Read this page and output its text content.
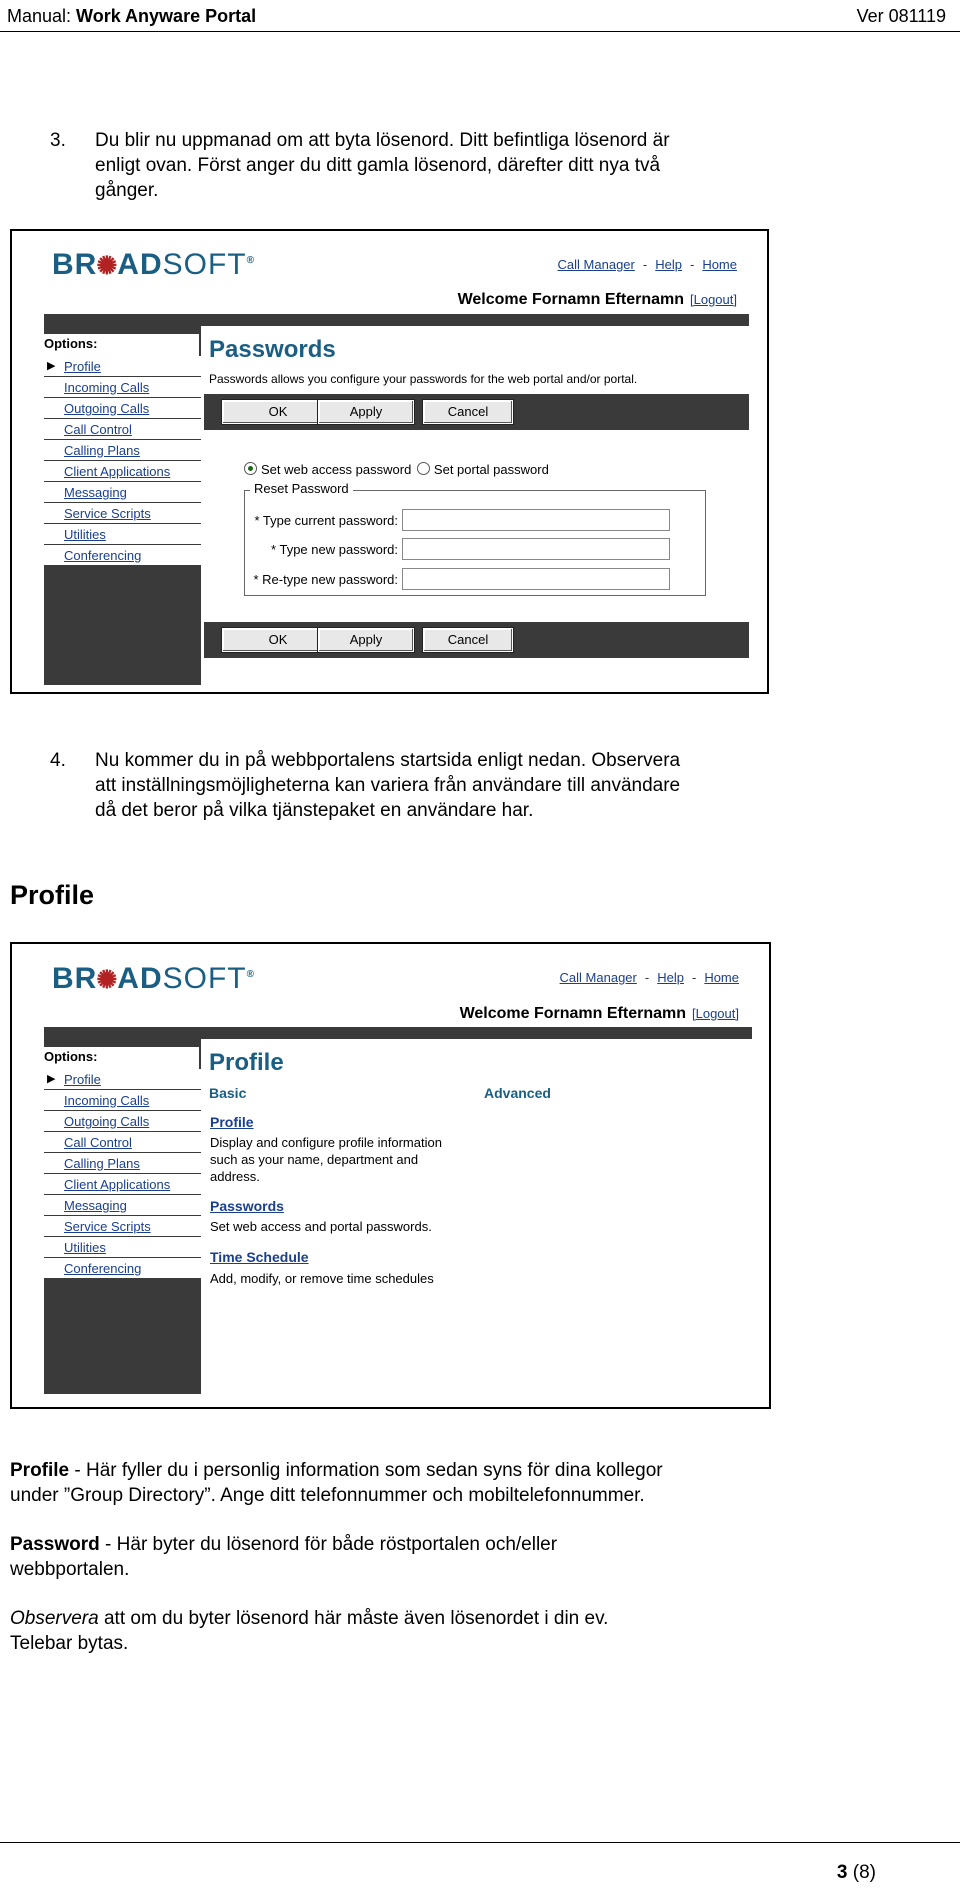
Manual: Work Anyware Portal	Ver 081119
3. Du blir nu uppmanad om att byta lösenord. Ditt befintliga lösenord är
enligt ovan. Först anger du ditt gamla lösenord, därefter ditt nya två
gånger.
BR✺ADSOFT®	Call Manager - Help - Home
Welcome Fornamn Efternamn [Logout]
Options:
▶ Profile
Incoming Calls
Outgoing Calls
Call Control
Calling Plans
Client Applications
Messaging
Service Scripts
Utilities
Conferencing
Passwords
Passwords allows you configure your passwords for the web portal and/or portal.
OK	Apply	Cancel
Set web access password Set portal password
Reset Password
* Type current password:
* Type new password:
* Re-type new password:
OK	Apply	Cancel
4. Nu kommer du in på webbportalens startsida enligt nedan. Observera
att inställningsmöjligheterna kan variera från användare till användare
då det beror på vilka tjänstepaket en användare har.
Profile
BR✺ADSOFT®	Call Manager - Help - Home
Welcome Fornamn Efternamn [Logout]
Options:
▶ Profile
Incoming Calls
Outgoing Calls
Call Control
Calling Plans
Client Applications
Messaging
Service Scripts
Utilities
Conferencing
Profile
Basic	Advanced
Profile
Display and configure profile information
such as your name, department and
address.
Passwords
Set web access and portal passwords.
Time Schedule
Add, modify, or remove time schedules
Profile - Här fyller du i personlig information som sedan syns för dina kollegor
under ”Group Directory”. Ange ditt telefonnummer och mobiltelefonnummer.
Password - Här byter du lösenord för både röstportalen och/eller
webbportalen.
Observera att om du byter lösenord här måste även lösenordet i din ev.
Telebar bytas.
3 (8)
